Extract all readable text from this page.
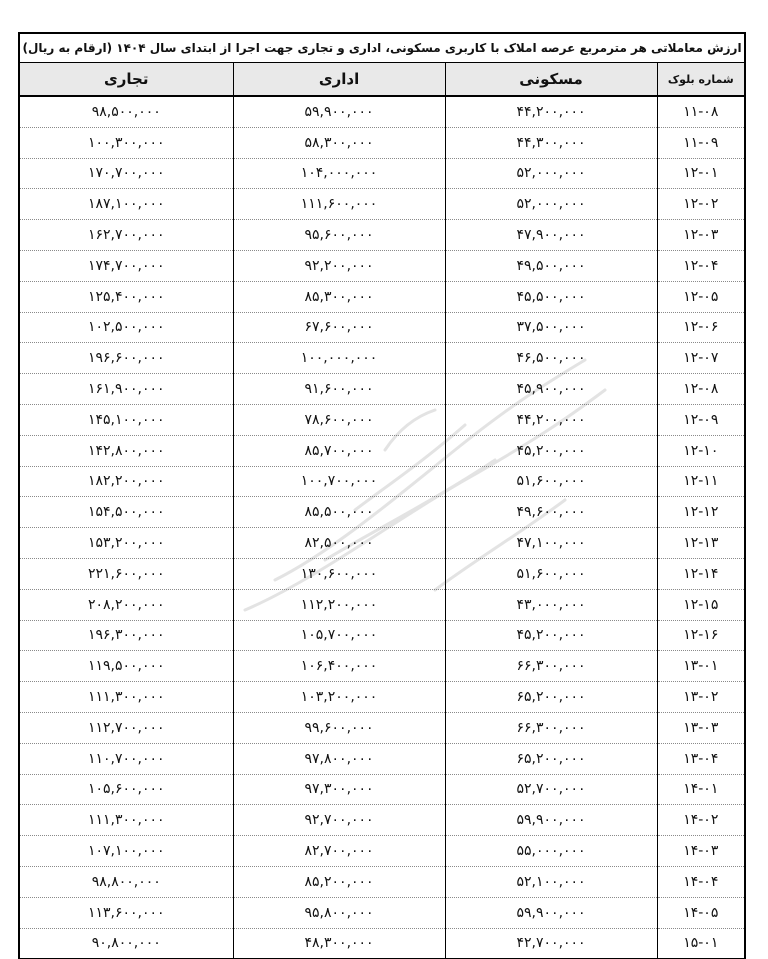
ارزش معاملاتی هر مترمربع عرصه املاک با کاربری مسکونی، اداری و تجاری جهت اجرا از ابتدای سال ۱۴۰۴ (ارقام به ریال)			
شماره بلوک	مسکونی	اداری	تجاری
۱۱-۰۸	۴۴,۲۰۰,۰۰۰	۵۹,۹۰۰,۰۰۰	۹۸,۵۰۰,۰۰۰
۱۱-۰۹	۴۴,۳۰۰,۰۰۰	۵۸,۳۰۰,۰۰۰	۱۰۰,۳۰۰,۰۰۰
۱۲-۰۱	۵۲,۰۰۰,۰۰۰	۱۰۴,۰۰۰,۰۰۰	۱۷۰,۷۰۰,۰۰۰
۱۲-۰۲	۵۲,۰۰۰,۰۰۰	۱۱۱,۶۰۰,۰۰۰	۱۸۷,۱۰۰,۰۰۰
۱۲-۰۳	۴۷,۹۰۰,۰۰۰	۹۵,۶۰۰,۰۰۰	۱۶۲,۷۰۰,۰۰۰
۱۲-۰۴	۴۹,۵۰۰,۰۰۰	۹۲,۲۰۰,۰۰۰	۱۷۴,۷۰۰,۰۰۰
۱۲-۰۵	۴۵,۵۰۰,۰۰۰	۸۵,۳۰۰,۰۰۰	۱۲۵,۴۰۰,۰۰۰
۱۲-۰۶	۳۷,۵۰۰,۰۰۰	۶۷,۶۰۰,۰۰۰	۱۰۲,۵۰۰,۰۰۰
۱۲-۰۷	۴۶,۵۰۰,۰۰۰	۱۰۰,۰۰۰,۰۰۰	۱۹۶,۶۰۰,۰۰۰
۱۲-۰۸	۴۵,۹۰۰,۰۰۰	۹۱,۶۰۰,۰۰۰	۱۶۱,۹۰۰,۰۰۰
۱۲-۰۹	۴۴,۲۰۰,۰۰۰	۷۸,۶۰۰,۰۰۰	۱۴۵,۱۰۰,۰۰۰
۱۲-۱۰	۴۵,۲۰۰,۰۰۰	۸۵,۷۰۰,۰۰۰	۱۴۲,۸۰۰,۰۰۰
۱۲-۱۱	۵۱,۶۰۰,۰۰۰	۱۰۰,۷۰۰,۰۰۰	۱۸۲,۲۰۰,۰۰۰
۱۲-۱۲	۴۹,۶۰۰,۰۰۰	۸۵,۵۰۰,۰۰۰	۱۵۴,۵۰۰,۰۰۰
۱۲-۱۳	۴۷,۱۰۰,۰۰۰	۸۲,۵۰۰,۰۰۰	۱۵۳,۲۰۰,۰۰۰
۱۲-۱۴	۵۱,۶۰۰,۰۰۰	۱۳۰,۶۰۰,۰۰۰	۲۲۱,۶۰۰,۰۰۰
۱۲-۱۵	۴۳,۰۰۰,۰۰۰	۱۱۲,۲۰۰,۰۰۰	۲۰۸,۲۰۰,۰۰۰
۱۲-۱۶	۴۵,۲۰۰,۰۰۰	۱۰۵,۷۰۰,۰۰۰	۱۹۶,۳۰۰,۰۰۰
۱۳-۰۱	۶۶,۳۰۰,۰۰۰	۱۰۶,۴۰۰,۰۰۰	۱۱۹,۵۰۰,۰۰۰
۱۳-۰۲	۶۵,۲۰۰,۰۰۰	۱۰۳,۲۰۰,۰۰۰	۱۱۱,۳۰۰,۰۰۰
۱۳-۰۳	۶۶,۳۰۰,۰۰۰	۹۹,۶۰۰,۰۰۰	۱۱۲,۷۰۰,۰۰۰
۱۳-۰۴	۶۵,۲۰۰,۰۰۰	۹۷,۸۰۰,۰۰۰	۱۱۰,۷۰۰,۰۰۰
۱۴-۰۱	۵۲,۷۰۰,۰۰۰	۹۷,۳۰۰,۰۰۰	۱۰۵,۶۰۰,۰۰۰
۱۴-۰۲	۵۹,۹۰۰,۰۰۰	۹۲,۷۰۰,۰۰۰	۱۱۱,۳۰۰,۰۰۰
۱۴-۰۳	۵۵,۰۰۰,۰۰۰	۸۲,۷۰۰,۰۰۰	۱۰۷,۱۰۰,۰۰۰
۱۴-۰۴	۵۲,۱۰۰,۰۰۰	۸۵,۲۰۰,۰۰۰	۹۸,۸۰۰,۰۰۰
۱۴-۰۵	۵۹,۹۰۰,۰۰۰	۹۵,۸۰۰,۰۰۰	۱۱۳,۶۰۰,۰۰۰
۱۵-۰۱	۴۲,۷۰۰,۰۰۰	۴۸,۳۰۰,۰۰۰	۹۰,۸۰۰,۰۰۰
